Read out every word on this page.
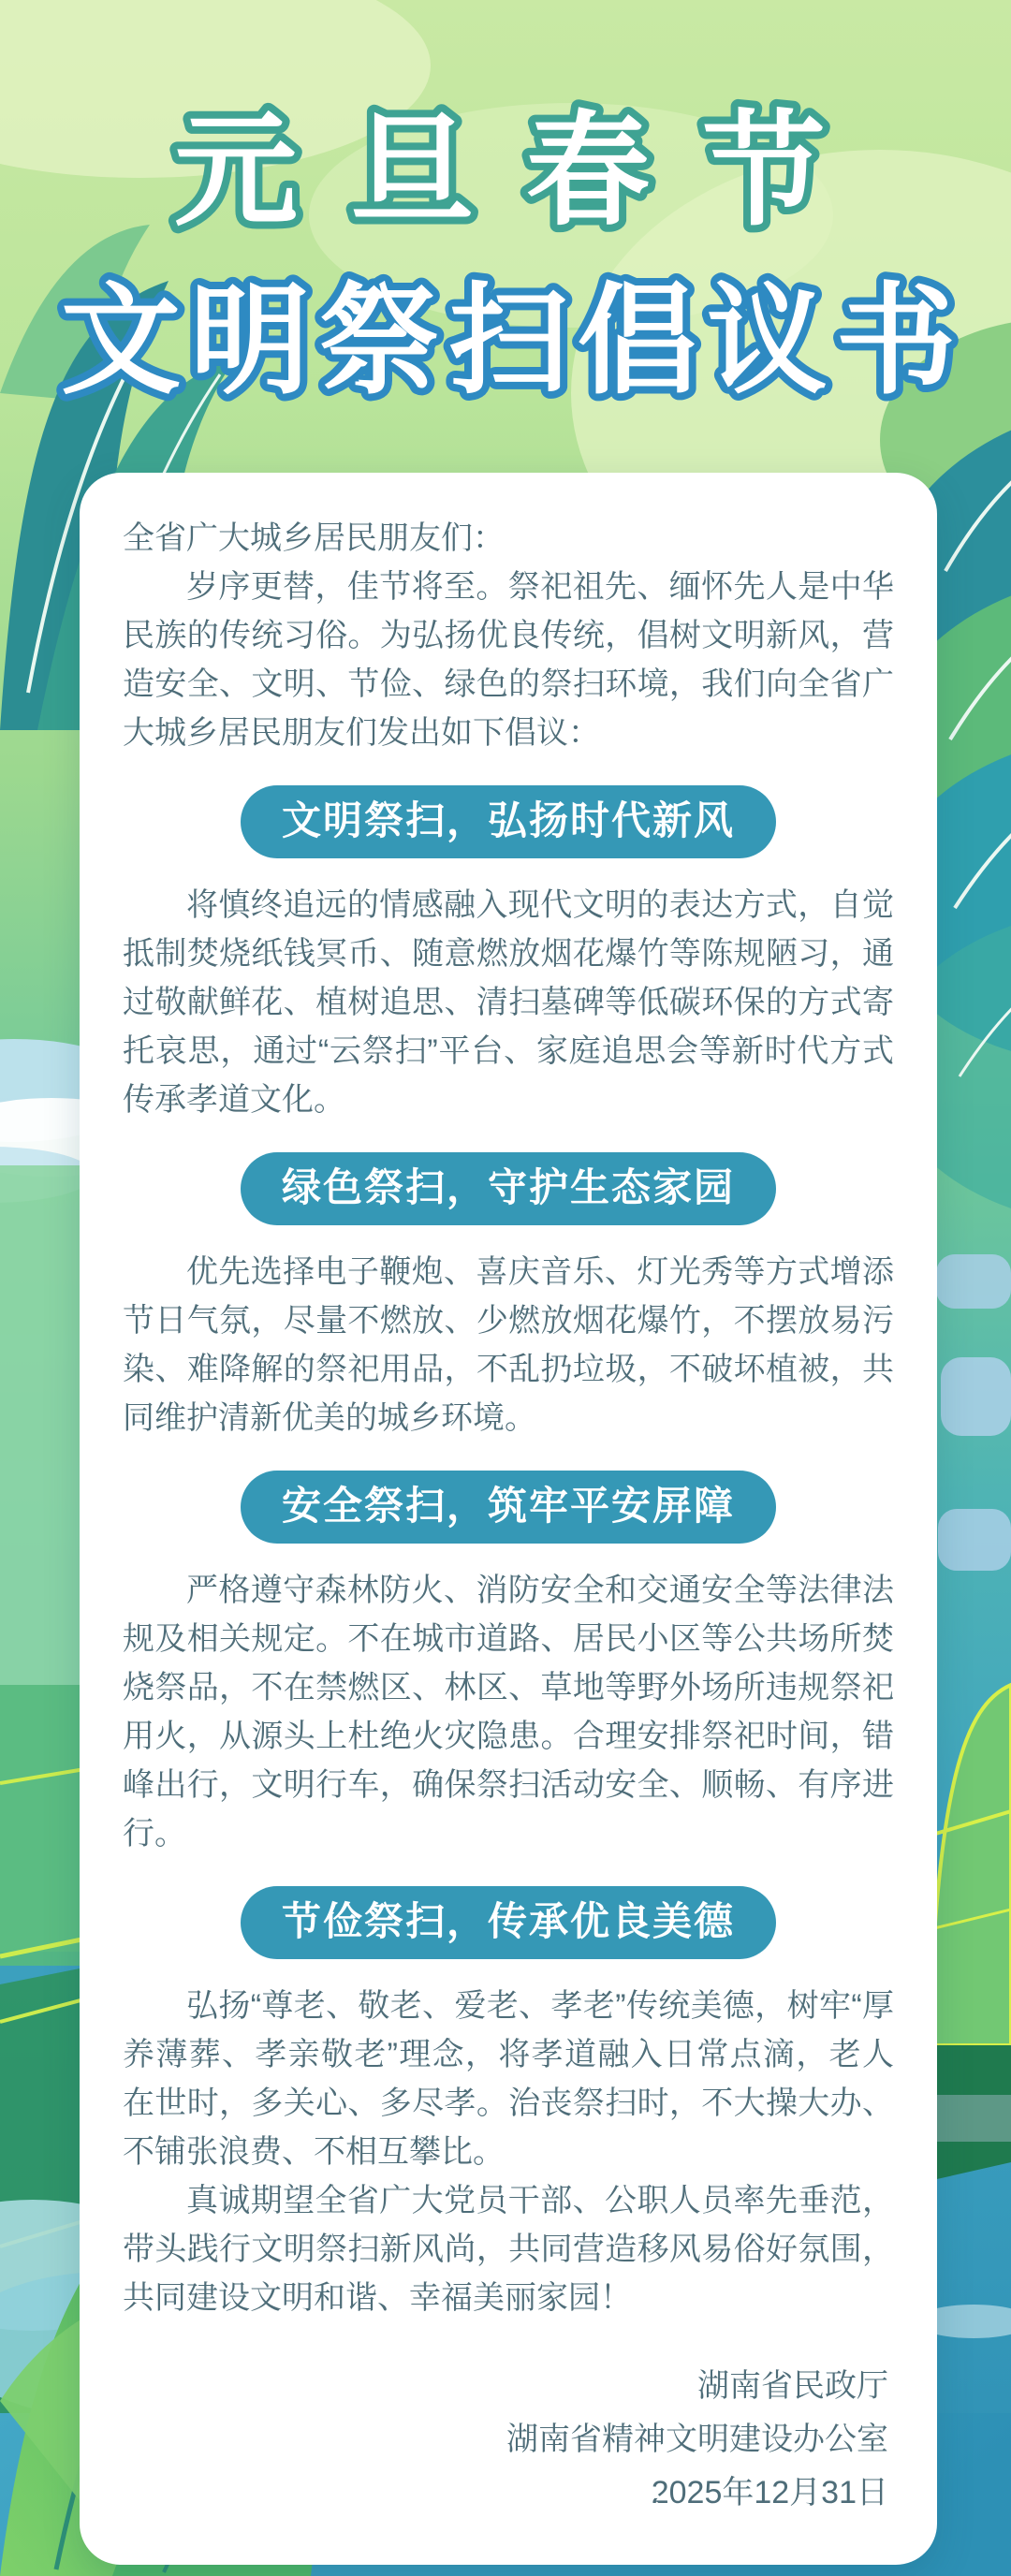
元旦春节
文明祭扫倡议书

全省广大城乡居民朋友们：

岁序更替，佳节将至。祭祀祖先、缅怀先人是中华民族的传统习俗。为弘扬优良传统，倡树文明新风，营造安全、文明、节俭、绿色的祭扫环境，我们向全省广大城乡居民朋友们发出如下倡议：

文明祭扫，弘扬时代新风

将慎终追远的情感融入现代文明的表达方式，自觉抵制焚烧纸钱冥币、随意燃放烟花爆竹等陈规陋习，通过敬献鲜花、植树追思、清扫墓碑等低碳环保的方式寄托哀思，通过“云祭扫”平台、家庭追思会等新时代方式传承孝道文化。

绿色祭扫，守护生态家园

优先选择电子鞭炮、喜庆音乐、灯光秀等方式增添节日气氛，尽量不燃放、少燃放烟花爆竹，不摆放易污染、难降解的祭祀用品，不乱扔垃圾，不破坏植被，共同维护清新优美的城乡环境。

安全祭扫，筑牢平安屏障

严格遵守森林防火、消防安全和交通安全等法律法规及相关规定。不在城市道路、居民小区等公共场所焚烧祭品，不在禁燃区、林区、草地等野外场所违规祭祀用火，从源头上杜绝火灾隐患。合理安排祭祀时间，错峰出行，文明行车，确保祭扫活动安全、顺畅、有序进行。

节俭祭扫，传承优良美德

弘扬“尊老、敬老、爱老、孝老”传统美德，树牢“厚养薄葬、孝亲敬老”理念，将孝道融入日常点滴，老人在世时，多关心、多尽孝。治丧祭扫时，不大操大办、不铺张浪费、不相互攀比。

真诚期望全省广大党员干部、公职人员率先垂范，带头践行文明祭扫新风尚，共同营造移风易俗好氛围，共同建设文明和谐、幸福美丽家园！

湖南省民政厅

湖南省精神文明建设办公室

2025年12月31日

湖南文明网 制作
